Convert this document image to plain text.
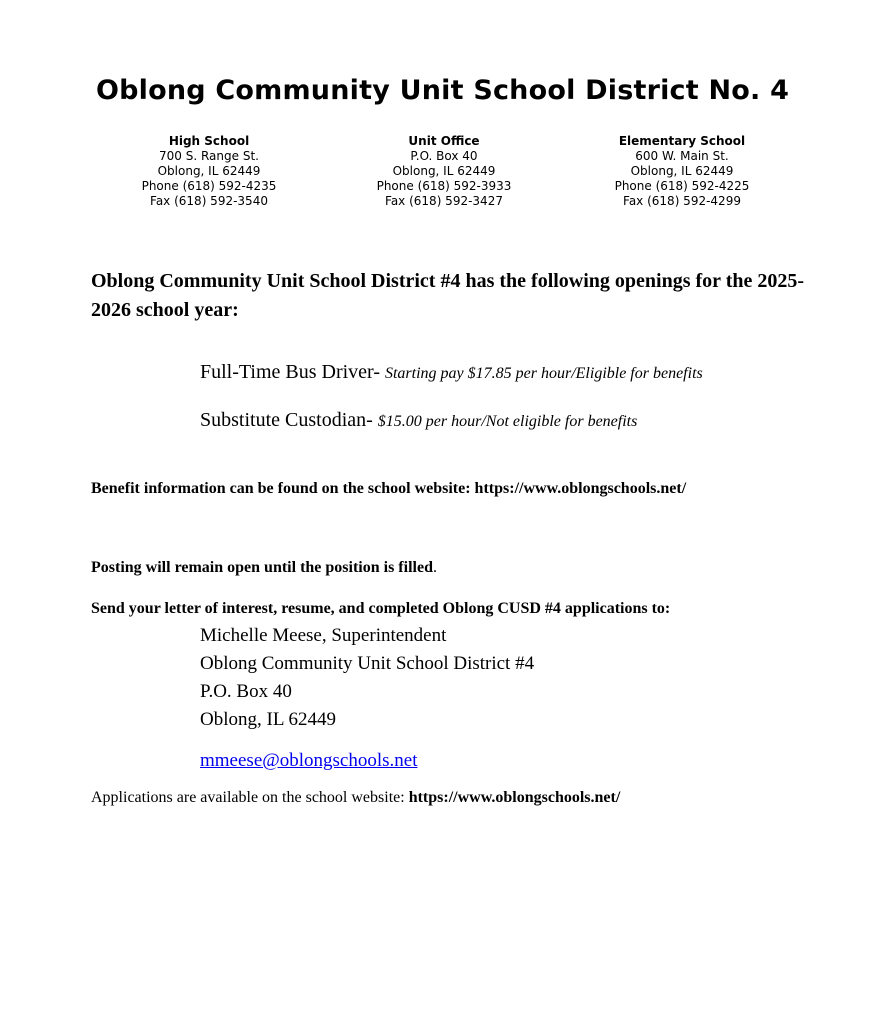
Oblong Community Unit School District No. 4
High School
700 S. Range St.
Oblong, IL 62449
Phone (618) 592-4235
Fax (618) 592-3540
Unit Office
P.O. Box 40
Oblong, IL 62449
Phone (618) 592-3933
Fax (618) 592-3427
Elementary School
600 W. Main St.
Oblong, IL 62449
Phone (618) 592-4225
Fax (618) 592-4299
Oblong Community Unit School District #4 has the following openings for the 2025-2026 school year:
Full-Time Bus Driver- Starting pay $17.85 per hour/Eligible for benefits
Substitute Custodian- $15.00 per hour/Not eligible for benefits
Benefit information can be found on the school website: https://www.oblongschools.net/
Posting will remain open until the position is filled.
Send your letter of interest, resume, and completed Oblong CUSD #4 applications to:
Michelle Meese, Superintendent
Oblong Community Unit School District #4
P.O. Box 40
Oblong, IL 62449
mmeese@oblongschools.net
Applications are available on the school website: https://www.oblongschools.net/
